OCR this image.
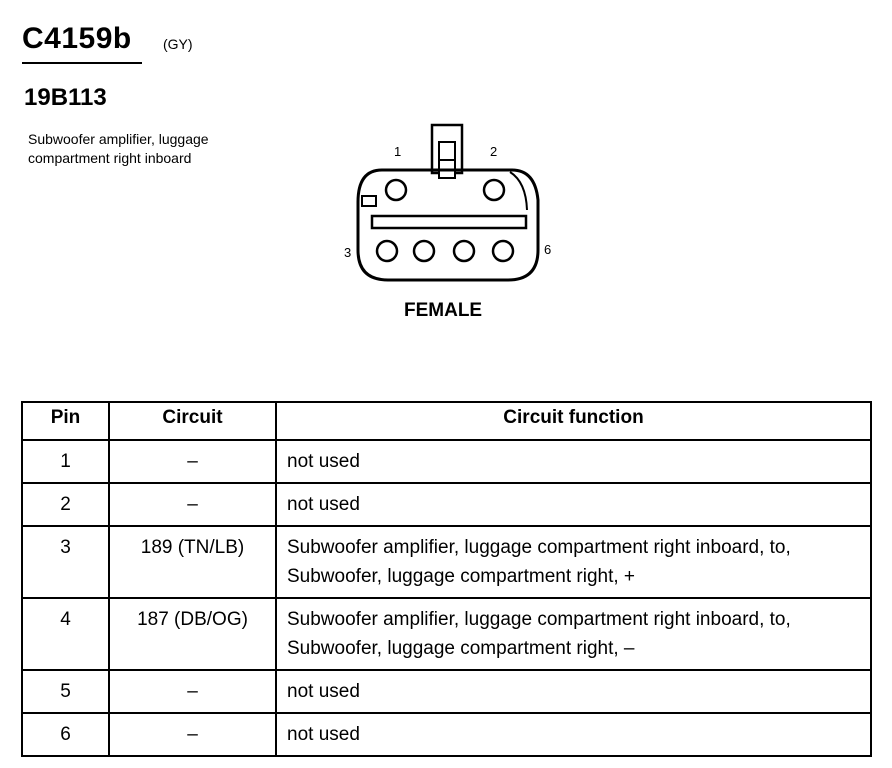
C4159b (GY)
19B113
Subwoofer amplifier, luggage compartment right inboard	1	2
3	6
FEMALE
Pin	Circuit	Circuit function
1	–	not used
2	–	not used
3	189 (TN/LB)	Subwoofer amplifier, luggage compartment right inboard, to, Subwoofer, luggage compartment right, +
4	187 (DB/OG)	Subwoofer amplifier, luggage compartment right inboard, to, Subwoofer, luggage compartment right, –
5	–	not used
6	–	not used
